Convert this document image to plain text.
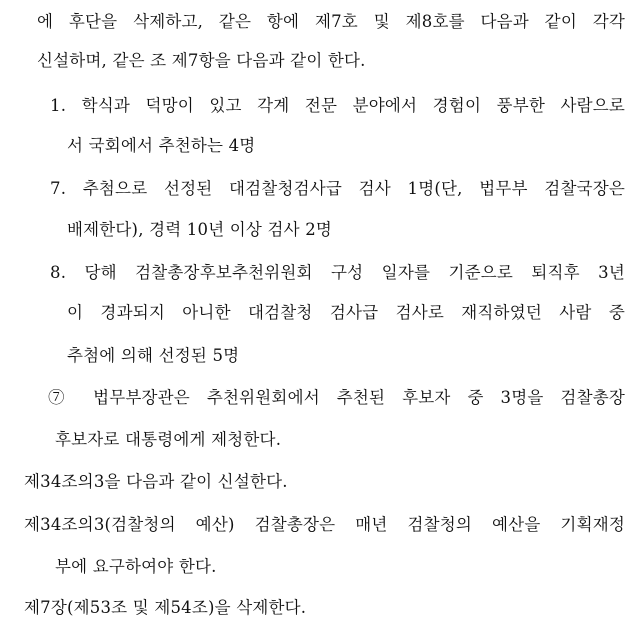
에 후단을 삭제하고, 같은 항에 제7호 및 제8호를 다음과 같이 각각
신설하며, 같은 조 제7항을 다음과 같이 한다.
1. 학식과 덕망이 있고 각계 전문 분야에서 경험이 풍부한 사람으로
서 국회에서 추천하는 4명
7. 추첨으로 선정된 대검찰청검사급 검사 1명(단, 법무부 검찰국장은
배제한다), 경력 10년 이상 검사 2명
8. 당해 검찰총장후보추천위원회 구성 일자를 기준으로 퇴직후 3년
이 경과되지 아니한 대검찰청 검사급 검사로 재직하였던 사람 중
추첨에 의해 선정된 5명
⑦ 법무부장관은 추천위원회에서 추천된 후보자 중 3명을 검찰총장
후보자로 대통령에게 제청한다.
제34조의3을 다음과 같이 신설한다.
제34조의3(검찰청의 예산) 검찰총장은 매년 검찰청의 예산을 기획재정
부에 요구하여야 한다.
제7장(제53조 및 제54조)을 삭제한다.
